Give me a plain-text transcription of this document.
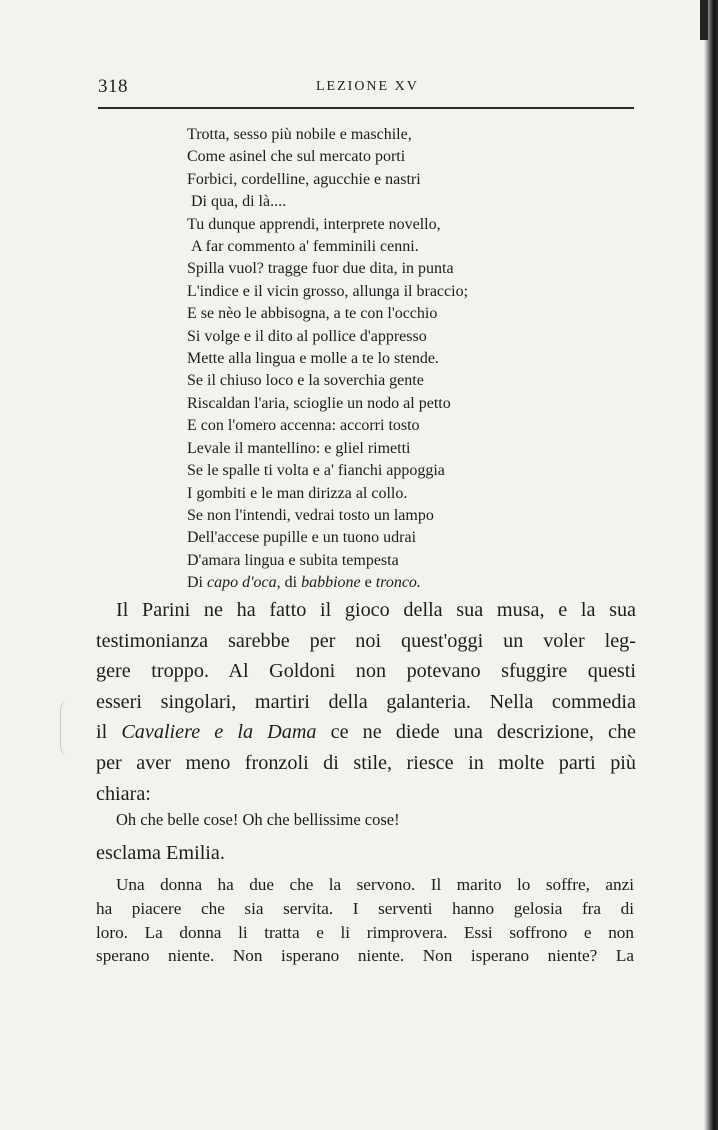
318	LEZIONE XV
Trotta, sesso più nobile e maschile,
Come asinel che sul mercato porti
Forbici, cordelline, agucchie e nastri
Di qua, di là....
Tu dunque apprendi, interprete novello,
A far commento a' femminili cenni.
Spilla vuol? tragge fuor due dita, in punta
L'indice e il vicin grosso, allunga il braccio;
E se nèo le abbisogna, a te con l'occhio
Si volge e il dito al pollice d'appresso
Mette alla lingua e molle a te lo stende.
Se il chiuso loco e la soverchia gente
Riscaldan l'aria, scioglie un nodo al petto
E con l'omero accenna: accorri tosto
Levale il mantellino: e gliel rimetti
Se le spalle ti volta e a' fianchi appoggia
I gombiti e le man dirizza al collo.
Se non l'intendi, vedrai tosto un lampo
Dell'accese pupille e un tuono udrai
D'amara lingua e subita tempesta
Di capo d'oca, di babbione e tronco.

Il Parini ne ha fatto il gioco della sua musa, e la sua
testimonianza sarebbe per noi quest'oggi un voler leg-
gere troppo. Al Goldoni non potevano sfuggire questi
esseri singolari, martiri della galanteria. Nella commedia
il Cavaliere e la Dama ce ne diede una descrizione, che
per aver meno fronzoli di stile, riesce in molte parti più
chiara:

Oh che belle cose! Oh che bellissime cose!

esclama Emilia.

Una donna ha due che la servono. Il marito lo soffre, anzi
ha piacere che sia servita. I serventi hanno gelosia fra di
loro. La donna li tratta e li rimprovera. Essi soffrono e non
sperano niente. Non isperano niente. Non isperano niente? La
